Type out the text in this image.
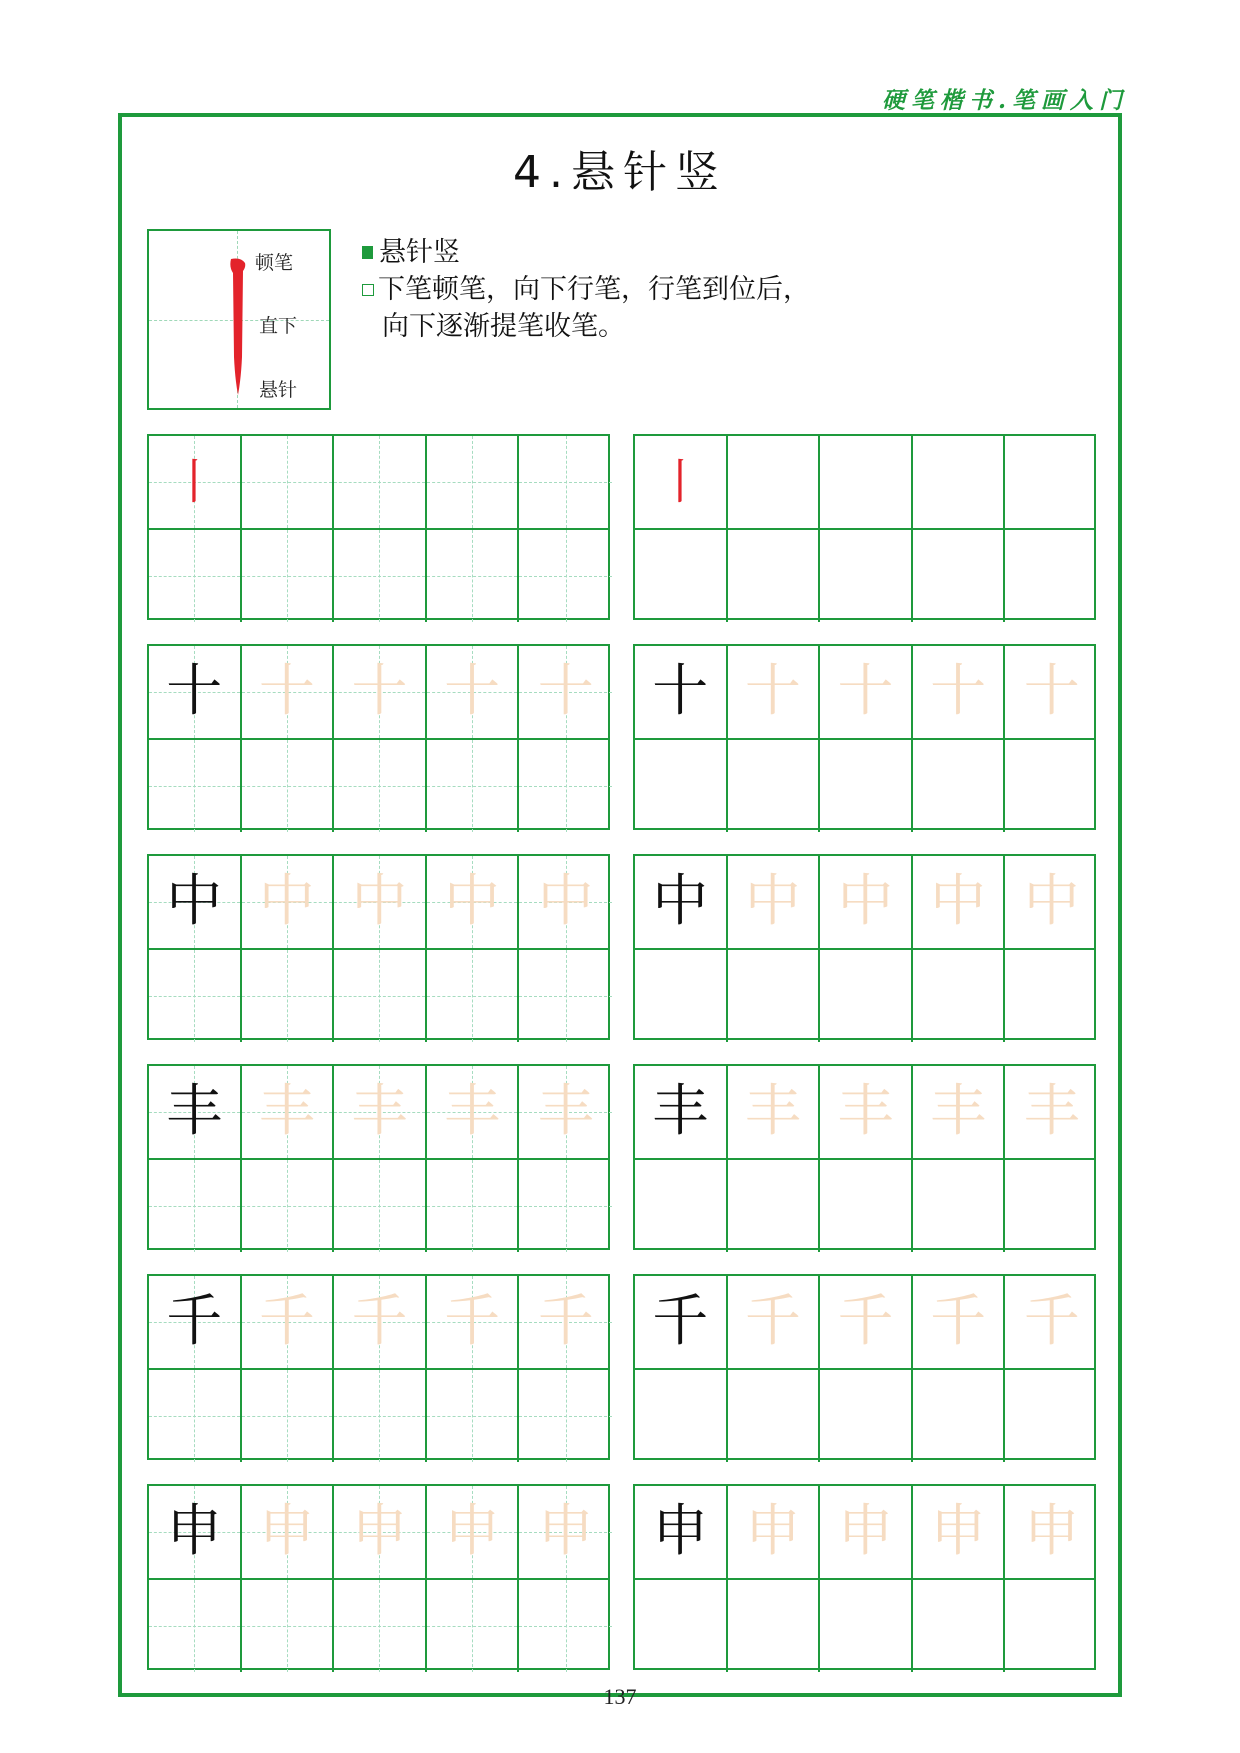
硬笔楷书.笔画入门
4.悬针竖
顿笔
直下
悬针
悬针竖
下笔顿笔，向下行笔，行笔到位后，
向下逐渐提笔收笔。
丨	丨
十 十 十 十 十	十 十 十 十 十
中 中 中 中 中	中 中 中 中 中
丰 丰 丰 丰 丰	丰 丰 丰 丰 丰
千 千 千 千 千	千 千 千 千 千
申 申 申 申 申	申 申 申 申 申
137
